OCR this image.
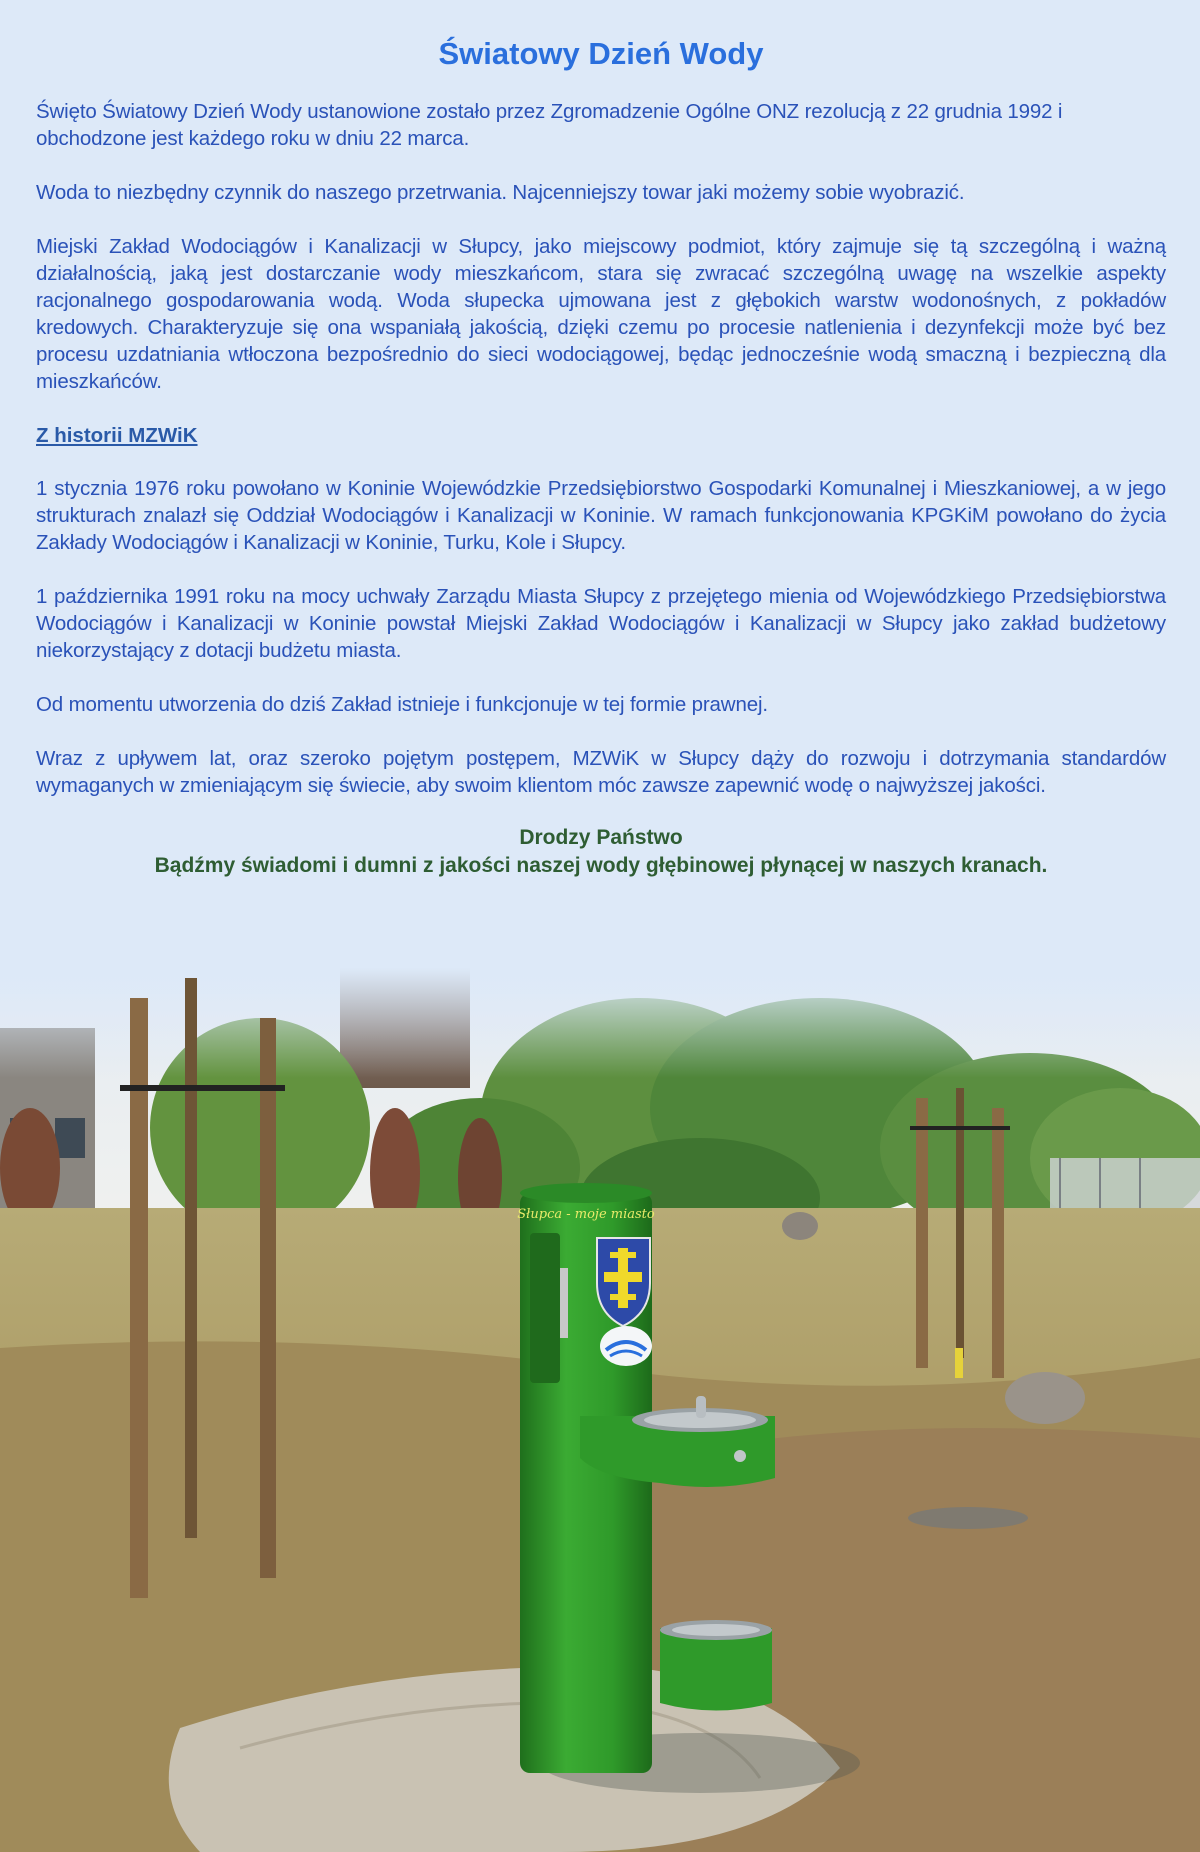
Światowy Dzień Wody

Święto Światowy Dzień Wody ustanowione zostało przez Zgromadzenie Ogólne ONZ rezolucją z 22 grudnia 1992 i obchodzone jest każdego roku w dniu 22 marca.

Woda to niezbędny czynnik do naszego przetrwania. Najcenniejszy towar jaki możemy sobie wyobrazić.

Miejski Zakład Wodociągów i Kanalizacji w Słupcy, jako miejscowy podmiot, który zajmuje się tą szczególną i ważną działalnością, jaką jest dostarczanie wody mieszkańcom, stara się zwracać szczególną uwagę na wszelkie aspekty racjonalnego gospodarowania wodą. Woda słupecka ujmowana jest z głębokich warstw wodonośnych, z pokładów kredowych. Charakteryzuje się ona wspaniałą jakością, dzięki czemu po procesie natlenienia i dezynfekcji może być bez procesu uzdatniania wtłoczona bezpośrednio do sieci wodociągowej, będąc jednocześnie wodą smaczną i bezpieczną dla mieszkańców.

Z historii MZWiK

1 stycznia 1976 roku powołano w Koninie Wojewódzkie Przedsiębiorstwo Gospodarki Komunalnej i Mieszkaniowej, a w jego strukturach znalazł się Oddział Wodociągów i Kanalizacji w Koninie. W ramach funkcjonowania KPGKiM powołano do życia Zakłady Wodociągów i Kanalizacji w Koninie, Turku, Kole i Słupcy.

1 października 1991 roku na mocy uchwały Zarządu Miasta Słupcy z przejętego mienia od Wojewódzkiego Przedsiębiorstwa Wodociągów i Kanalizacji w Koninie powstał Miejski Zakład Wodociągów i Kanalizacji w Słupcy jako zakład budżetowy niekorzystający z dotacji budżetu miasta.

Od momentu utworzenia do dziś Zakład istnieje i funkcjonuje w tej formie prawnej.

Wraz z upływem lat, oraz szeroko pojętym postępem, MZWiK w Słupcy dąży do rozwoju i dotrzymania standardów wymaganych w zmieniającym się świecie, aby swoim klientom móc zawsze zapewnić wodę o najwyższej jakości.

Drodzy Państwo
Bądźmy świadomi i dumni z jakości naszej wody głębinowej płynącej w naszych kranach.
Słupca - moje miasto
